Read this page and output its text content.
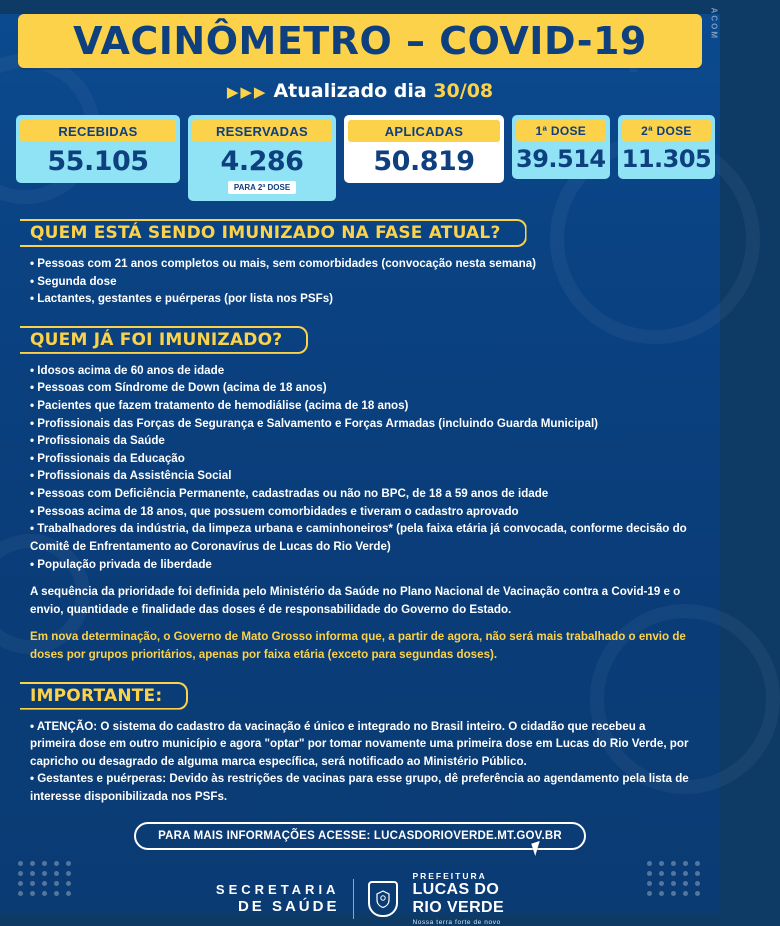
ACOM
VACINÔMETRO – COVID-19
▶▶▶ Atualizado dia 30/08
RECEBIDAS
55.105
RESERVADAS
4.286
PARA 2ª DOSE
APLICADAS
50.819
1ª DOSE
39.514
2ª DOSE
11.305
QUEM ESTÁ SENDO IMUNIZADO NA FASE ATUAL?

• Pessoas com 21 anos completos ou mais, sem comorbidades (convocação nesta semana)

• Segunda dose

• Lactantes, gestantes e puérperas (por lista nos PSFs)

QUEM JÁ FOI IMUNIZADO?

• Idosos acima de 60 anos de idade

• Pessoas com Síndrome de Down (acima de 18 anos)

• Pacientes que fazem tratamento de hemodiálise (acima de 18 anos)

• Profissionais das Forças de Segurança e Salvamento e Forças Armadas (incluindo Guarda Municipal)

• Profissionais da Saúde

• Profissionais da Educação

• Profissionais da Assistência Social

• Pessoas com Deficiência Permanente, cadastradas ou não no BPC, de 18 a 59 anos de idade

• Pessoas acima de 18 anos, que possuem comorbidades e tiveram o cadastro aprovado

• Trabalhadores da indústria, da limpeza urbana e caminhoneiros* (pela faixa etária já convocada, conforme decisão do Comitê de Enfrentamento ao Coronavírus de Lucas do Rio Verde)

• População privada de liberdade

A sequência da prioridade foi definida pelo Ministério da Saúde no Plano Nacional de Vacinação contra a Covid-19 e o envio, quantidade e finalidade das doses é de responsabilidade do Governo do Estado.

Em nova determinação, o Governo de Mato Grosso informa que, a partir de agora, não será mais trabalhado o envio de doses por grupos prioritários, apenas por faixa etária (exceto para segundas doses).

IMPORTANTE:

• ATENÇÃO: O sistema do cadastro da vacinação é único e integrado no Brasil inteiro. O cidadão que recebeu a primeira dose em outro município e agora "optar" por tomar novamente uma primeira dose em Lucas do Rio Verde, por capricho ou desagrado de alguma marca específica, será notificado ao Ministério Público.

• Gestantes e puérperas: Devido às restrições de vacinas para esse grupo, dê preferência ao agendamento pela lista de interesse disponibilizada nos PSFs.

PARA MAIS INFORMAÇÕES ACESSE: LUCASDORIOVERDE.MT.GOV.BR
SECRETARIA
DE SAÚDE
PREFEITURA
LUCAS DO
RIO VERDE
Nossa terra forte de novo
